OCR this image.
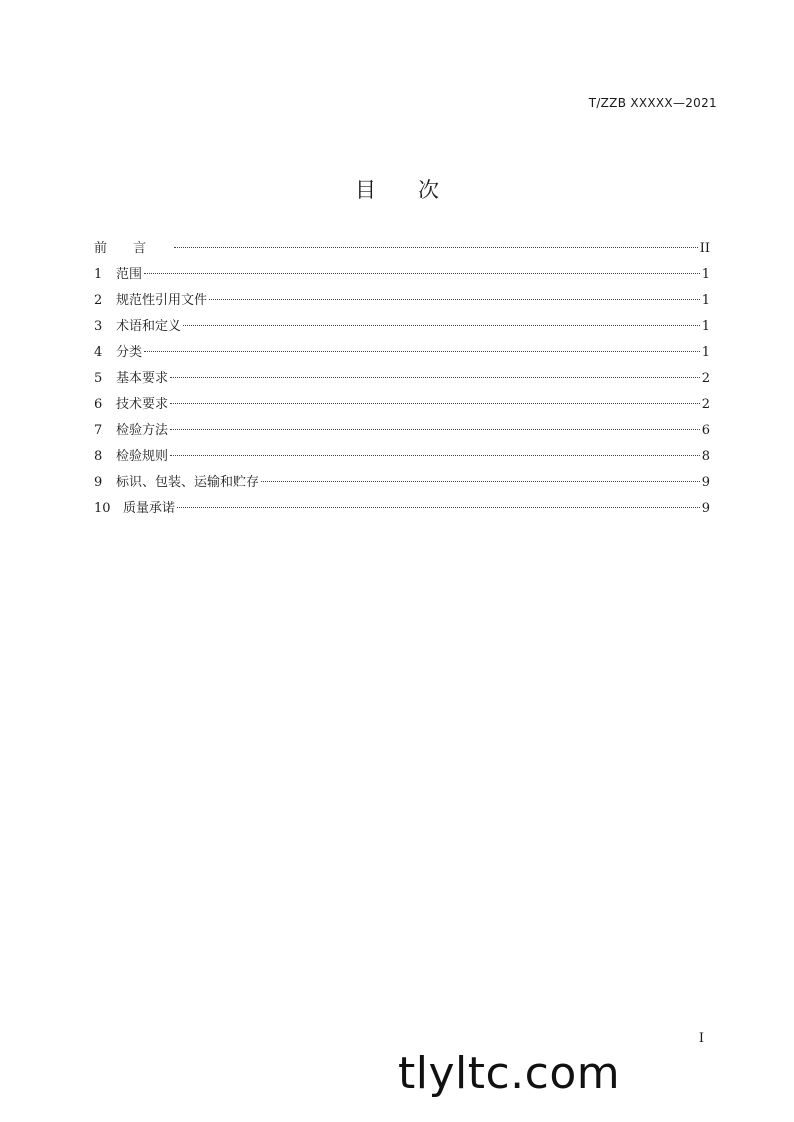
T/ZZB XXXXX—2021
目次
前言	II
1	范围	1
2	规范性引用文件	1
3	术语和定义	1
4	分类	1
5	基本要求	2
6	技术要求	2
7	检验方法	6
8	检验规则	8
9	标识、包装、运输和贮存	9
10 质量承诺	9
I
tlyltc.com
